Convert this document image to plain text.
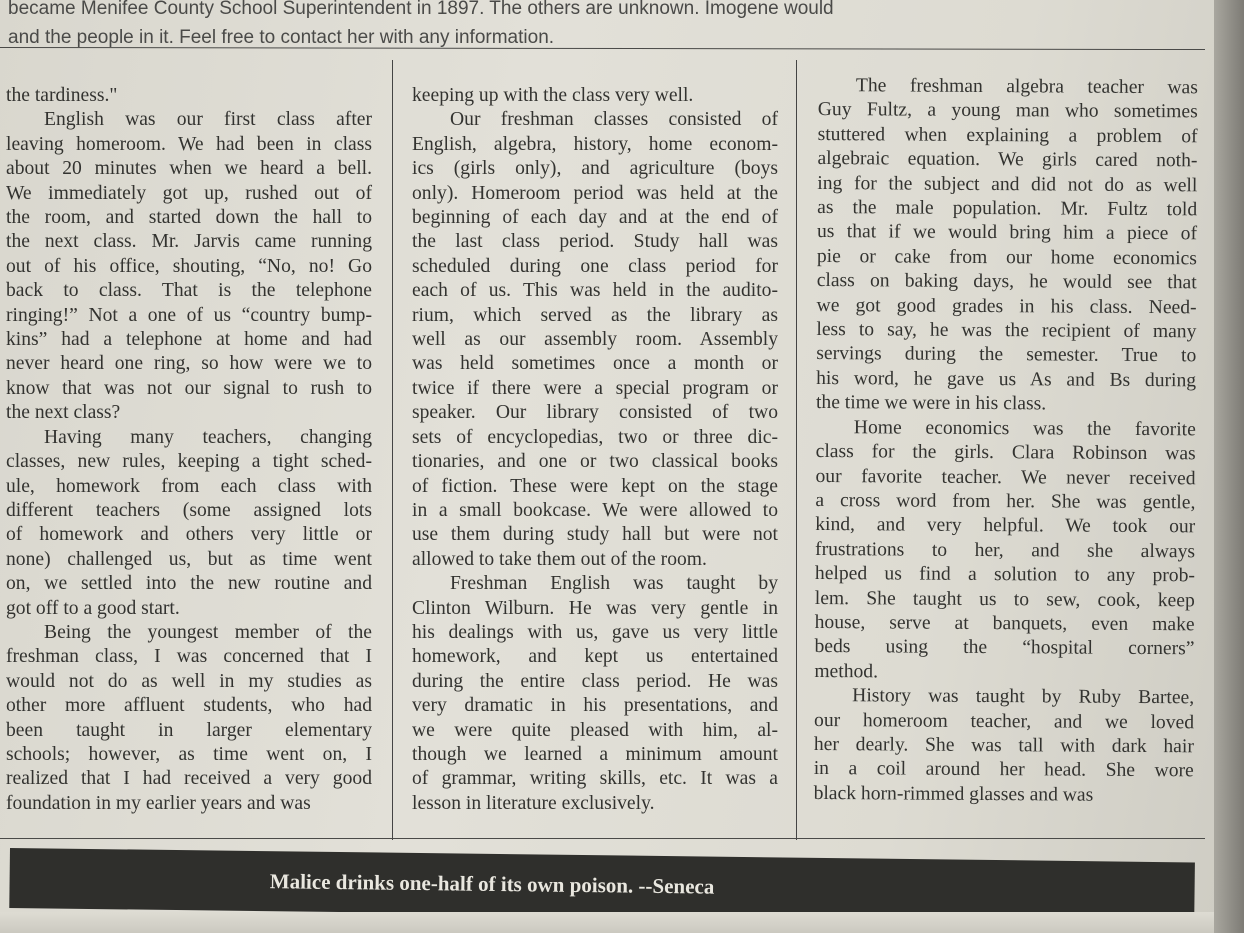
became Menifee County School Superintendent in 1897. The others are unknown. Imogene would
and the people in it. Feel free to contact her with any information.

the tardiness."

English was our first class after
leaving homeroom. We had been in class
about 20 minutes when we heard a bell.
We immediately got up, rushed out of
the room, and started down the hall to
the next class. Mr. Jarvis came running
out of his office, shouting, “No, no! Go
back to class. That is the telephone
ringing!” Not a one of us “country bump-
kins” had a telephone at home and had
never heard one ring, so how were we to
know that was not our signal to rush to
the next class?

Having many teachers, changing
classes, new rules, keeping a tight sched-
ule, homework from each class with
different teachers (some assigned lots
of homework and others very little or
none) challenged us, but as time went
on, we settled into the new routine and
got off to a good start.

Being the youngest member of the
freshman class, I was concerned that I
would not do as well in my studies as
other more affluent students, who had
been taught in larger elementary
schools; however, as time went on, I
realized that I had received a very good
foundation in my earlier years and was

keeping up with the class very well.

Our freshman classes consisted of
English, algebra, history, home econom-
ics (girls only), and agriculture (boys
only). Homeroom period was held at the
beginning of each day and at the end of
the last class period. Study hall was
scheduled during one class period for
each of us. This was held in the audito-
rium, which served as the library as
well as our assembly room. Assembly
was held sometimes once a month or
twice if there were a special program or
speaker. Our library consisted of two
sets of encyclopedias, two or three dic-
tionaries, and one or two classical books
of fiction. These were kept on the stage
in a small bookcase. We were allowed to
use them during study hall but were not
allowed to take them out of the room.

Freshman English was taught by
Clinton Wilburn. He was very gentle in
his dealings with us, gave us very little
homework, and kept us entertained
during the entire class period. He was
very dramatic in his presentations, and
we were quite pleased with him, al-
though we learned a minimum amount
of grammar, writing skills, etc. It was a
lesson in literature exclusively.

The freshman algebra teacher was
Guy Fultz, a young man who sometimes
stuttered when explaining a problem of
algebraic equation. We girls cared noth-
ing for the subject and did not do as well
as the male population. Mr. Fultz told
us that if we would bring him a piece of
pie or cake from our home economics
class on baking days, he would see that
we got good grades in his class. Need-
less to say, he was the recipient of many
servings during the semester. True to
his word, he gave us As and Bs during
the time we were in his class.

Home economics was the favorite
class for the girls. Clara Robinson was
our favorite teacher. We never received
a cross word from her. She was gentle,
kind, and very helpful. We took our
frustrations to her, and she always
helped us find a solution to any prob-
lem. She taught us to sew, cook, keep
house, serve at banquets, even make
beds using the “hospital corners”
method.

History was taught by Ruby Bartee,
our homeroom teacher, and we loved
her dearly. She was tall with dark hair
in a coil around her head. She wore
black horn-rimmed glasses and was

Malice drinks one-half of its own poison. --Seneca
